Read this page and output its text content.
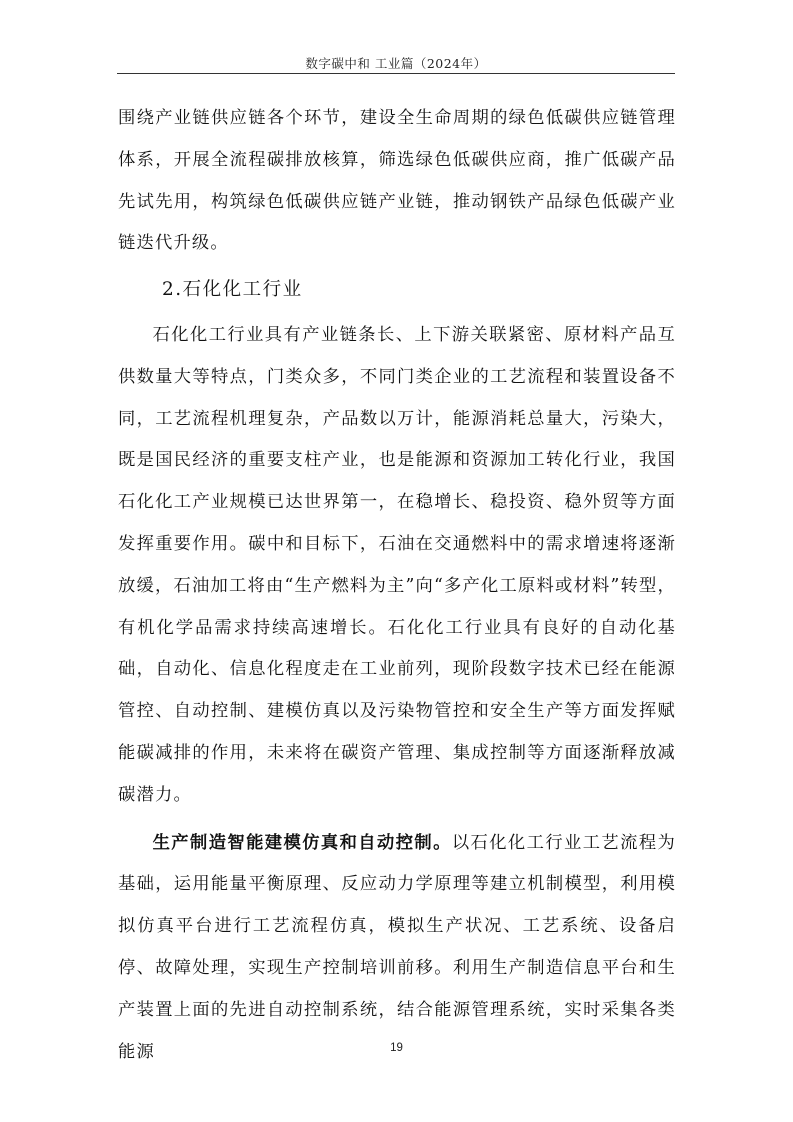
数字碳中和 工业篇（2024年）

围绕产业链供应链各个环节，建设全生命周期的绿色低碳供应链管理体系，开展全流程碳排放核算，筛选绿色低碳供应商，推广低碳产品先试先用，构筑绿色低碳供应链产业链，推动钢铁产品绿色低碳产业链迭代升级。

2.石化化工行业

石化化工行业具有产业链条长、上下游关联紧密、原材料产品互供数量大等特点，门类众多，不同门类企业的工艺流程和装置设备不同，工艺流程机理复杂，产品数以万计，能源消耗总量大，污染大，既是国民经济的重要支柱产业，也是能源和资源加工转化行业，我国石化化工产业规模已达世界第一，在稳增长、稳投资、稳外贸等方面发挥重要作用。碳中和目标下，石油在交通燃料中的需求增速将逐渐放缓，石油加工将由“生产燃料为主”向“多产化工原料或材料”转型，有机化学品需求持续高速增长。石化化工行业具有良好的自动化基础，自动化、信息化程度走在工业前列，现阶段数字技术已经在能源管控、自动控制、建模仿真以及污染物管控和安全生产等方面发挥赋能碳减排的作用，未来将在碳资产管理、集成控制等方面逐渐释放减碳潜力。

生产制造智能建模仿真和自动控制。以石化化工行业工艺流程为基础，运用能量平衡原理、反应动力学原理等建立机制模型，利用模拟仿真平台进行工艺流程仿真，模拟生产状况、工艺系统、设备启停、故障处理，实现生产控制培训前移。利用生产制造信息平台和生产装置上面的先进自动控制系统，结合能源管理系统，实时采集各类能源	19
